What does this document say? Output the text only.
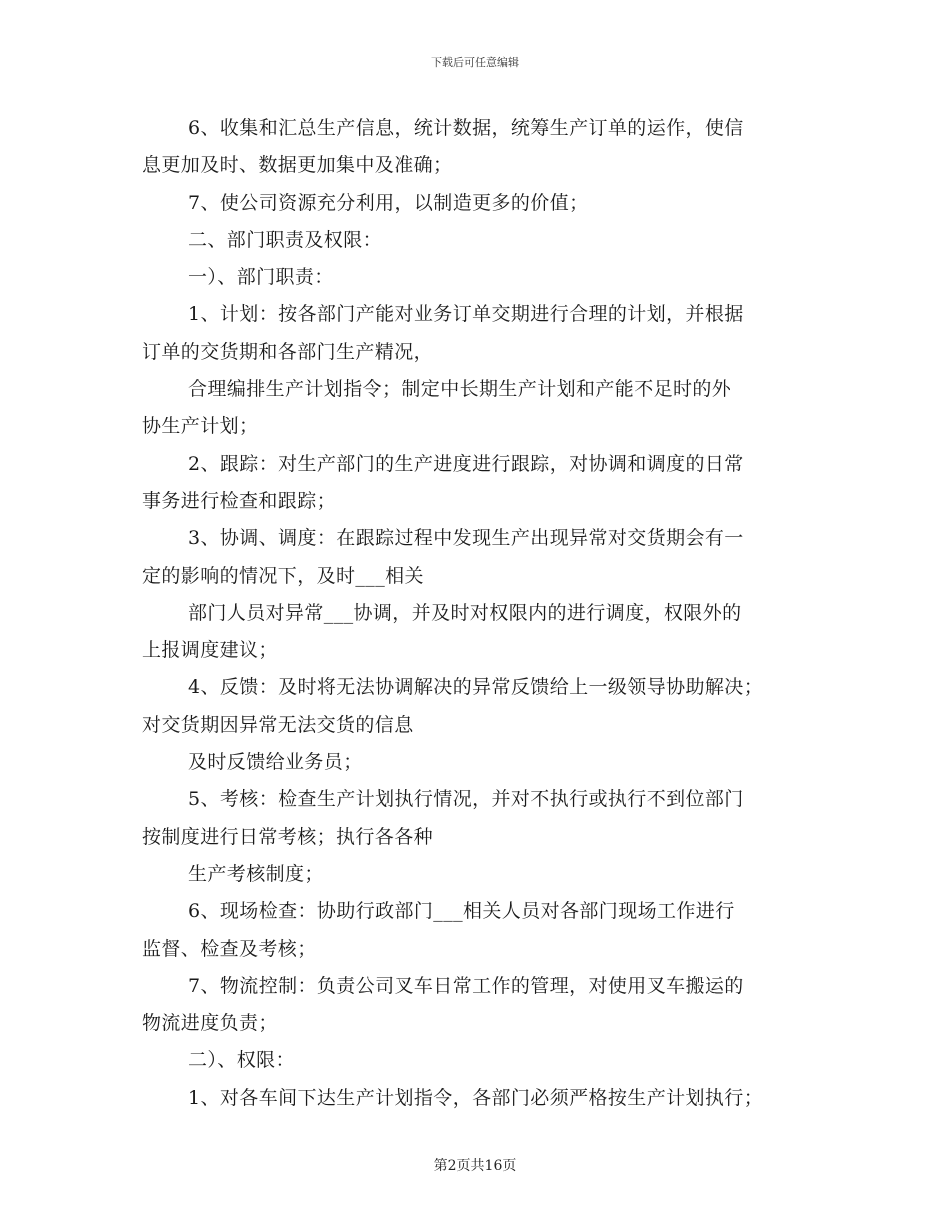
下载后可任意编辑
6、收集和汇总生产信息，统计数据，统筹生产订单的运作，使信
息更加及时、数据更加集中及准确；
7、使公司资源充分利用，以制造更多的价值；
二、部门职责及权限：
一）、部门职责：
1、计划：按各部门产能对业务订单交期进行合理的计划，并根据
订单的交货期和各部门生产精况，
合理编排生产计划指令；制定中长期生产计划和产能不足时的外
协生产计划；
2、跟踪：对生产部门的生产进度进行跟踪，对协调和调度的日常
事务进行检查和跟踪；
3、协调、调度：在跟踪过程中发现生产出现异常对交货期会有一
定的影响的情况下，及时___相关
部门人员对异常___协调，并及时对权限内的进行调度，权限外的
上报调度建议；
4、反馈：及时将无法协调解决的异常反馈给上一级领导协助解决；
对交货期因异常无法交货的信息
及时反馈给业务员；
5、考核：检查生产计划执行情况，并对不执行或执行不到位部门
按制度进行日常考核；执行各各种
生产考核制度；
6、现场检查：协助行政部门___相关人员对各部门现场工作进行
监督、检查及考核；
7、物流控制：负责公司叉车日常工作的管理，对使用叉车搬运的
物流进度负责；
二）、权限：
1、对各车间下达生产计划指令，各部门必须严格按生产计划执行；
第2页共16页
